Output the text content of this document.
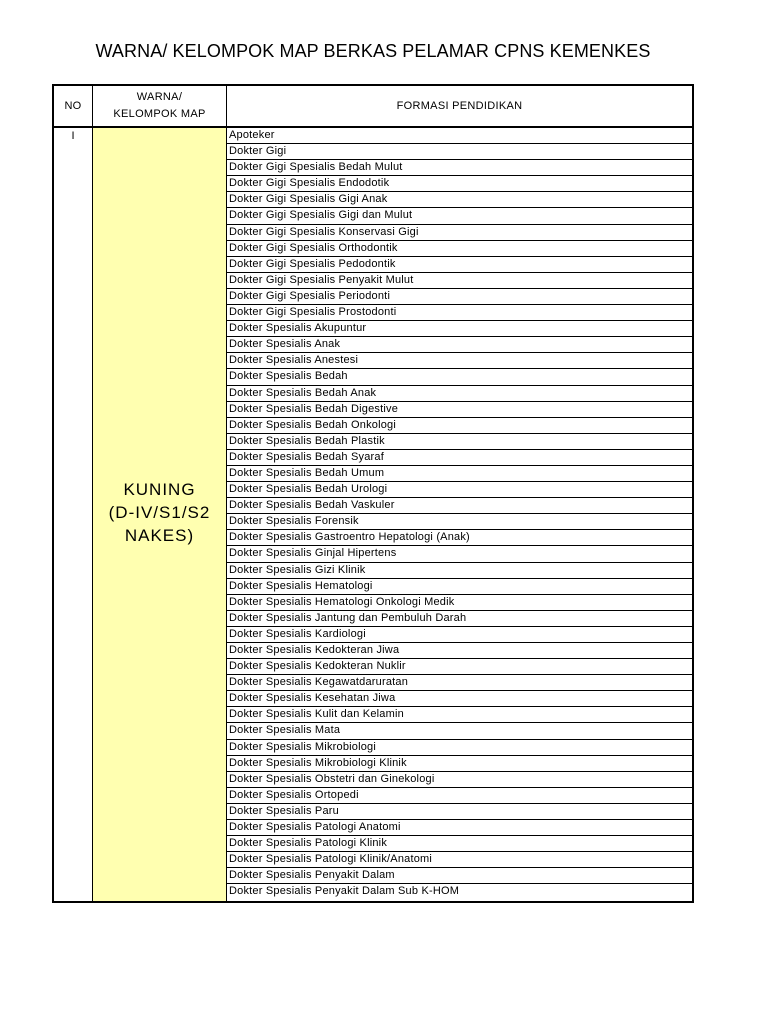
WARNA/ KELOMPOK MAP BERKAS PELAMAR CPNS KEMENKES
NO
I
WARNA/
KELOMPOK MAP
KUNING
(D-IV/S1/S2
NAKES)
FORMASI PENDIDIKAN
Apoteker
Dokter Gigi
Dokter Gigi Spesialis Bedah Mulut
Dokter Gigi Spesialis Endodotik
Dokter Gigi Spesialis Gigi Anak
Dokter Gigi Spesialis Gigi dan Mulut
Dokter Gigi Spesialis Konservasi Gigi
Dokter Gigi Spesialis Orthodontik
Dokter Gigi Spesialis Pedodontik
Dokter Gigi Spesialis Penyakit Mulut
Dokter Gigi Spesialis Periodonti
Dokter Gigi Spesialis Prostodonti
Dokter Spesialis Akupuntur
Dokter Spesialis Anak
Dokter Spesialis Anestesi
Dokter Spesialis Bedah
Dokter Spesialis Bedah Anak
Dokter Spesialis Bedah Digestive
Dokter Spesialis Bedah Onkologi
Dokter Spesialis Bedah Plastik
Dokter Spesialis Bedah Syaraf
Dokter Spesialis Bedah Umum
Dokter Spesialis Bedah Urologi
Dokter Spesialis Bedah Vaskuler
Dokter Spesialis Forensik
Dokter Spesialis Gastroentro Hepatologi (Anak)
Dokter Spesialis Ginjal Hipertens
Dokter Spesialis Gizi Klinik
Dokter Spesialis Hematologi
Dokter Spesialis Hematologi Onkologi Medik
Dokter Spesialis Jantung dan Pembuluh Darah
Dokter Spesialis Kardiologi
Dokter Spesialis Kedokteran Jiwa
Dokter Spesialis Kedokteran Nuklir
Dokter Spesialis Kegawatdaruratan
Dokter Spesialis Kesehatan Jiwa
Dokter Spesialis Kulit dan Kelamin
Dokter Spesialis Mata
Dokter Spesialis Mikrobiologi
Dokter Spesialis Mikrobiologi Klinik
Dokter Spesialis Obstetri dan Ginekologi
Dokter Spesialis Ortopedi
Dokter Spesialis Paru
Dokter Spesialis Patologi Anatomi
Dokter Spesialis Patologi Klinik
Dokter Spesialis Patologi Klinik/Anatomi
Dokter Spesialis Penyakit Dalam
Dokter Spesialis Penyakit Dalam Sub K-HOM
